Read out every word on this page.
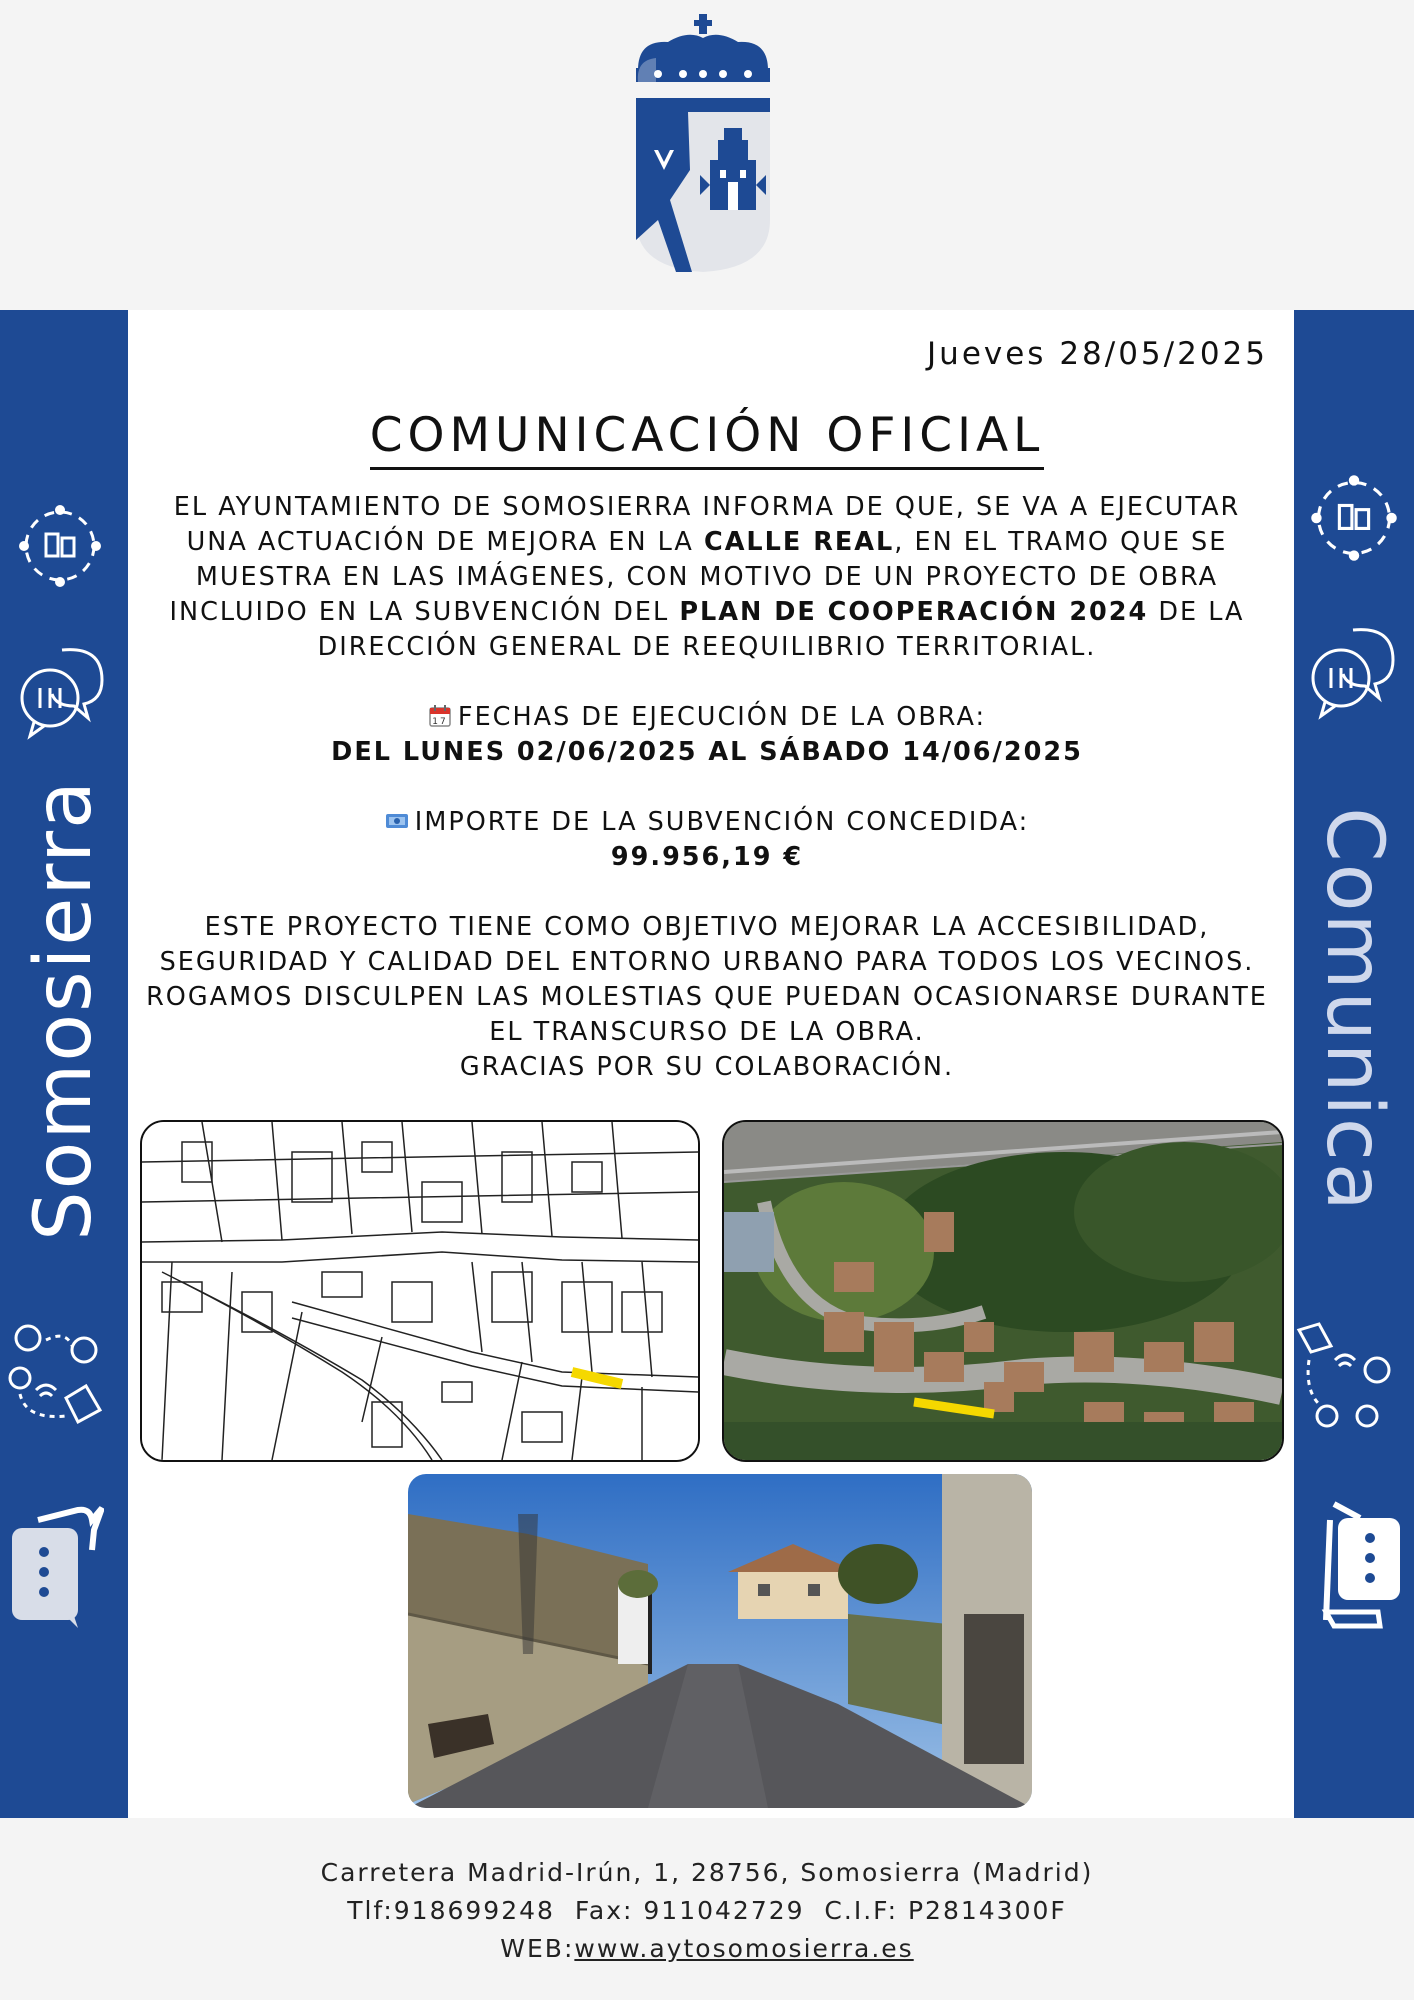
Somosierra	Comunica
Jueves 28/05/2025
COMUNICACIÓN OFICIAL

EL AYUNTAMIENTO DE SOMOSIERRA INFORMA DE QUE, SE VA A EJECUTAR UNA ACTUACIÓN DE MEJORA EN LA CALLE REAL, EN EL TRAMO QUE SE MUESTRA EN LAS IMÁGENES, CON MOTIVO DE UN PROYECTO DE OBRA INCLUIDO EN LA SUBVENCIÓN DEL PLAN DE COOPERACIÓN 2024 DE LA DIRECCIÓN GENERAL DE REEQUILIBRIO TERRITORIAL.

17 FECHAS DE EJECUCIÓN DE LA OBRA:

DEL LUNES 02/06/2025 AL SÁBADO 14/06/2025

IMPORTE DE LA SUBVENCIÓN CONCEDIDA:

99.956,19 €

ESTE PROYECTO TIENE COMO OBJETIVO MEJORAR LA ACCESIBILIDAD, SEGURIDAD Y CALIDAD DEL ENTORNO URBANO PARA TODOS LOS VECINOS.

ROGAMOS DISCULPEN LAS MOLESTIAS QUE PUEDAN OCASIONARSE DURANTE EL TRANSCURSO DE LA OBRA.

GRACIAS POR SU COLABORACIÓN.

Carretera Madrid-Irún, 1, 28756, Somosierra (Madrid)
Tlf:918699248  Fax: 911042729  C.I.F: P2814300F
WEB:www.aytosomosierra.es
